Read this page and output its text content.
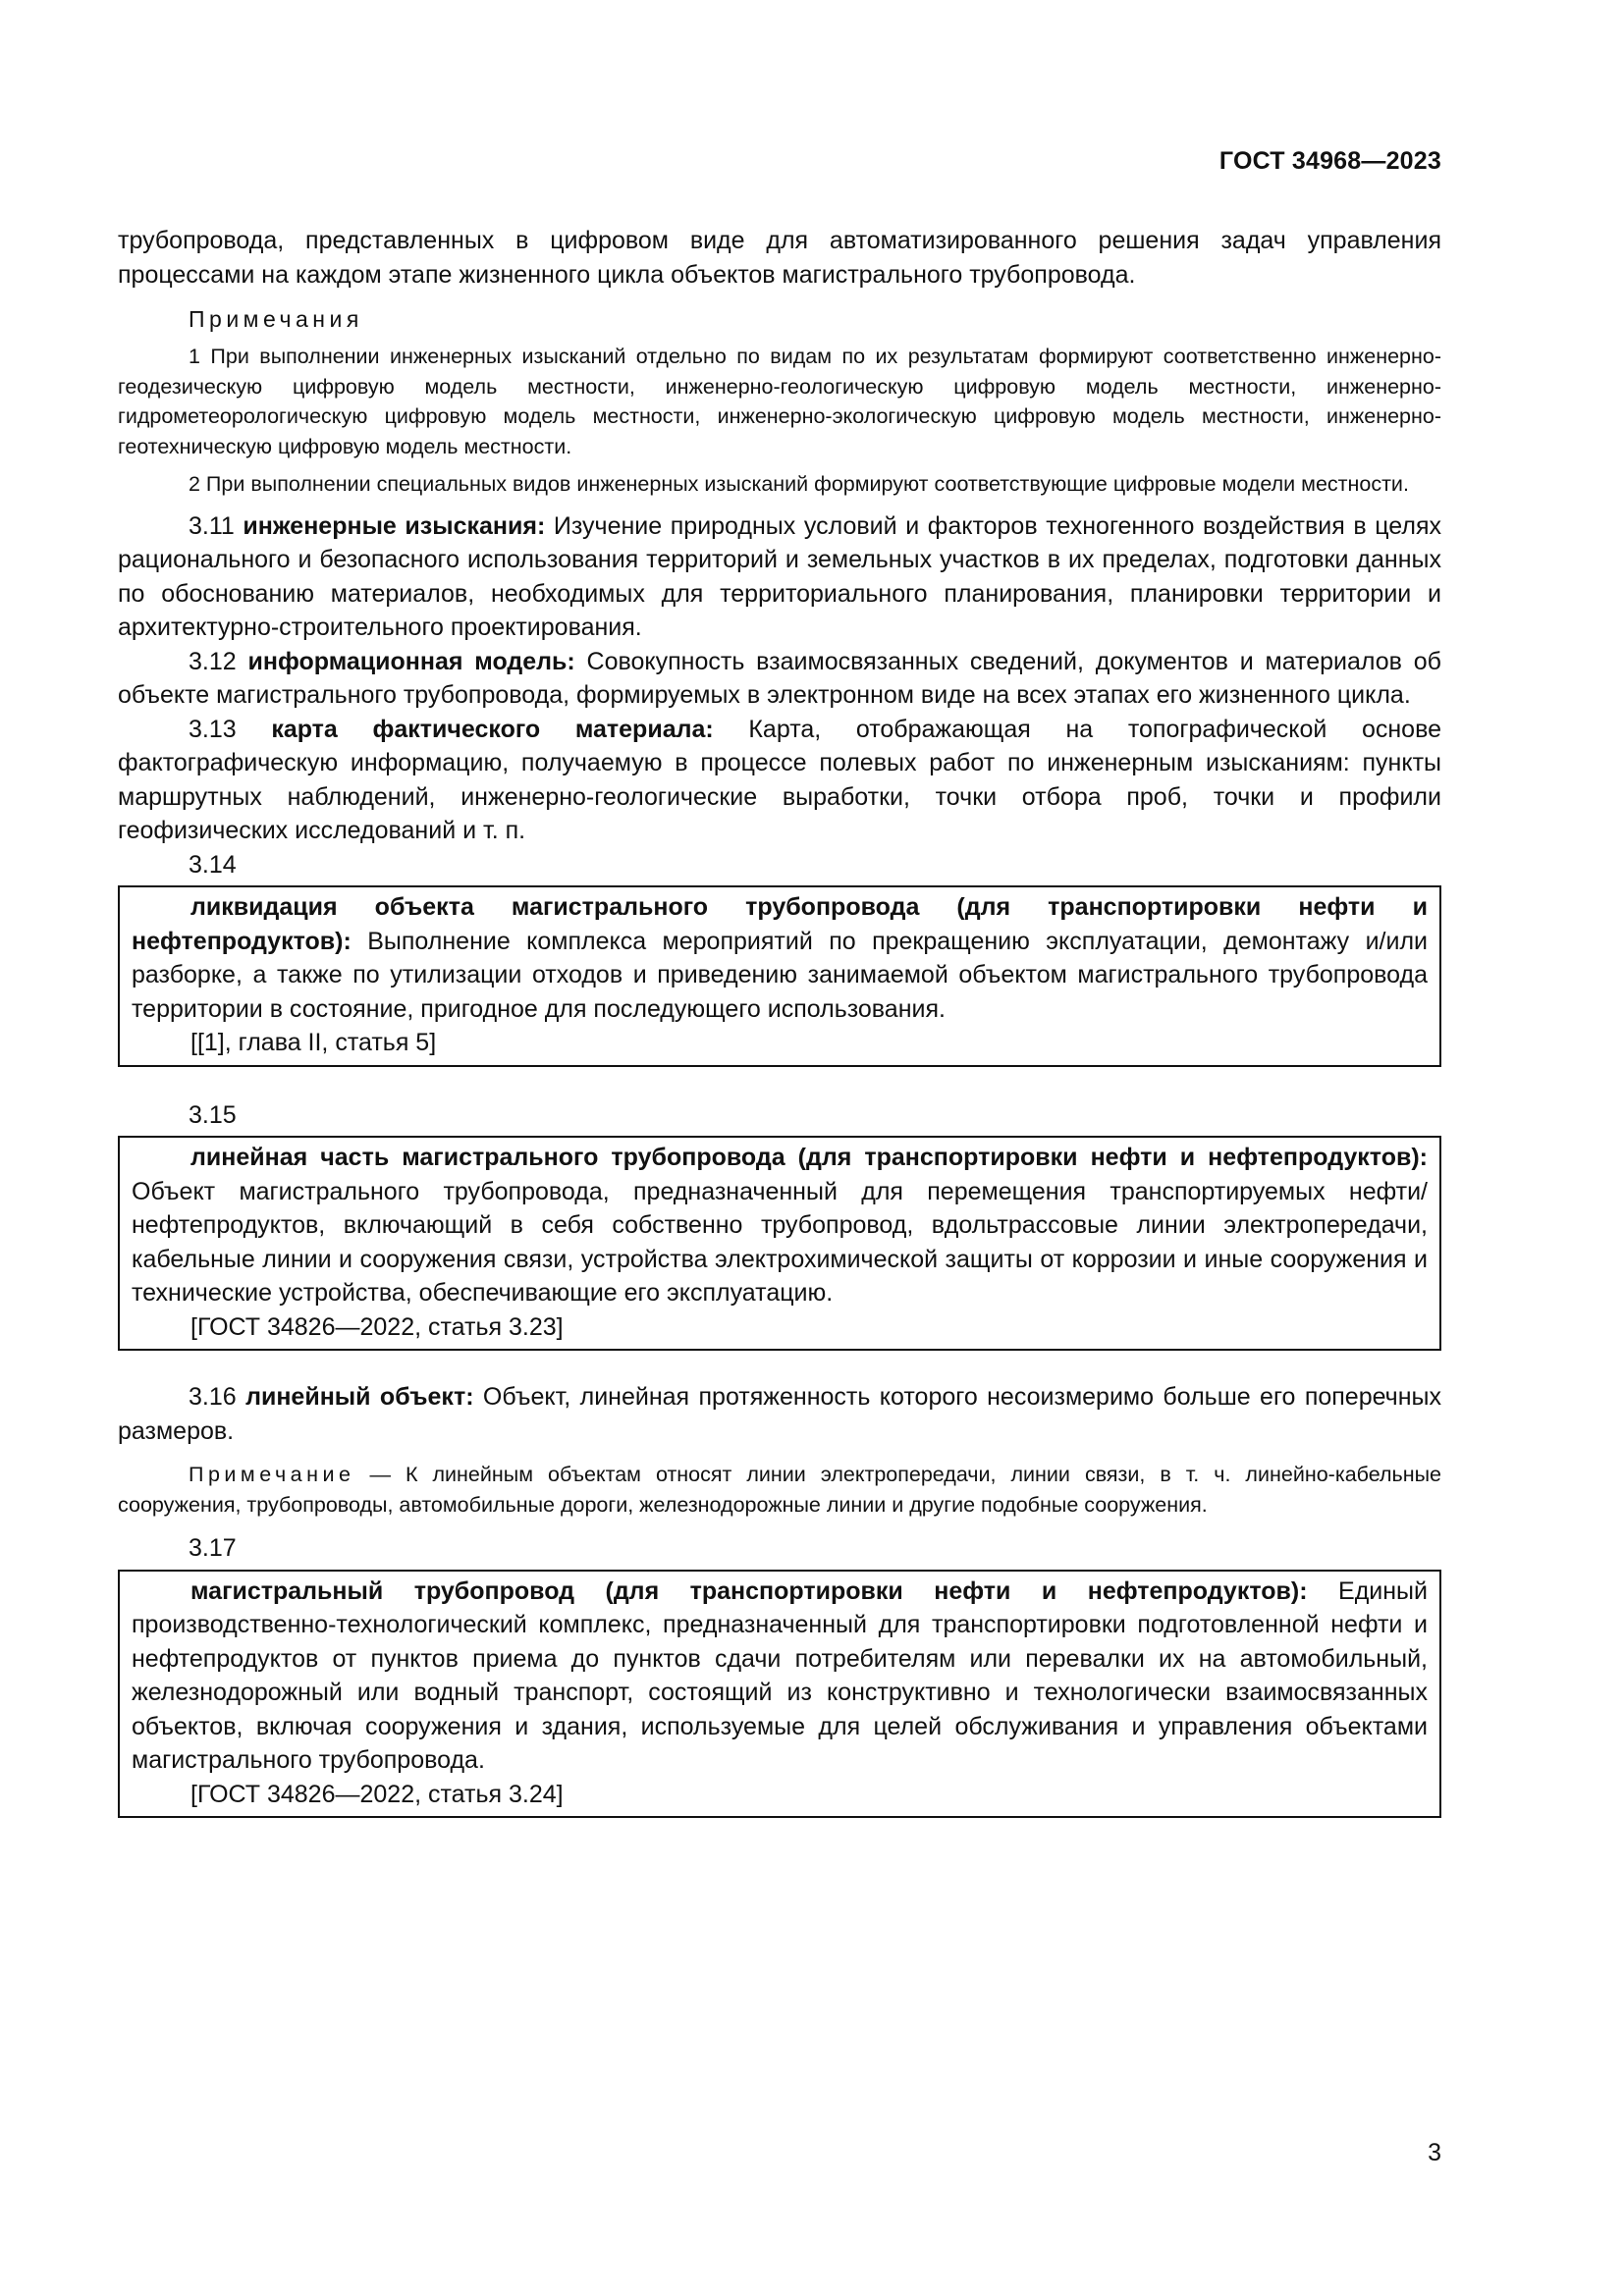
ГОСТ 34968—2023

трубопровода, представленных в цифровом виде для автоматизированного решения задач управления процессами на каждом этапе жизненного цикла объектов магистрального трубопровода.

Примечания

1 При выполнении инженерных изысканий отдельно по видам по их результатам формируют соответственно инженерно-геодезическую цифровую модель местности, инженерно-геологическую цифровую модель местности, инженерно-гидрометеорологическую цифровую модель местности, инженерно-экологическую цифровую модель местности, инженерно-геотехническую цифровую модель местности.

2 При выполнении специальных видов инженерных изысканий формируют соответствующие цифровые модели местности.

3.11 инженерные изыскания: Изучение природных условий и факторов техногенного воздействия в целях рационального и безопасного использования территорий и земельных участков в их пределах, подготовки данных по обоснованию материалов, необходимых для территориального планирования, планировки территории и архитектурно-строительного проектирования.

3.12 информационная модель: Совокупность взаимосвязанных сведений, документов и материалов об объекте магистрального трубопровода, формируемых в электронном виде на всех этапах его жизненного цикла.

3.13 карта фактического материала: Карта, отображающая на топографической основе фактографическую информацию, получаемую в процессе полевых работ по инженерным изысканиям: пункты маршрутных наблюдений, инженерно-геологические выработки, точки отбора проб, точки и профили геофизических исследований и т. п.

3.14

ликвидация объекта магистрального трубопровода (для транспортировки нефти и нефтепродуктов): Выполнение комплекса мероприятий по прекращению эксплуатации, демонтажу и/или разборке, а также по утилизации отходов и приведению занимаемой объектом магистрального трубопровода территории в состояние, пригодное для последующего использования.

[[1], глава II, статья 5]

3.15

линейная часть магистрального трубопровода (для транспортировки нефти и нефтепродуктов): Объект магистрального трубопровода, предназначенный для перемещения транспортируемых нефти/нефтепродуктов, включающий в себя собственно трубопровод, вдольтрассовые линии электропередачи, кабельные линии и сооружения связи, устройства электрохимической защиты от коррозии и иные сооружения и технические устройства, обеспечивающие его эксплуатацию.

[ГОСТ 34826—2022, статья 3.23]

3.16 линейный объект: Объект, линейная протяженность которого несоизмеримо больше его поперечных размеров.

Примечание — К линейным объектам относят линии электропередачи, линии связи, в т. ч. линейно-кабельные сооружения, трубопроводы, автомобильные дороги, железнодорожные линии и другие подобные сооружения.

3.17

магистральный трубопровод (для транспортировки нефти и нефтепродуктов): Единый производственно-технологический комплекс, предназначенный для транспортировки подготовленной нефти и нефтепродуктов от пунктов приема до пунктов сдачи потребителям или перевалки их на автомобильный, железнодорожный или водный транспорт, состоящий из конструктивно и технологически взаимосвязанных объектов, включая сооружения и здания, используемые для целей обслуживания и управления объектами магистрального трубопровода.

[ГОСТ 34826—2022, статья 3.24]

3
